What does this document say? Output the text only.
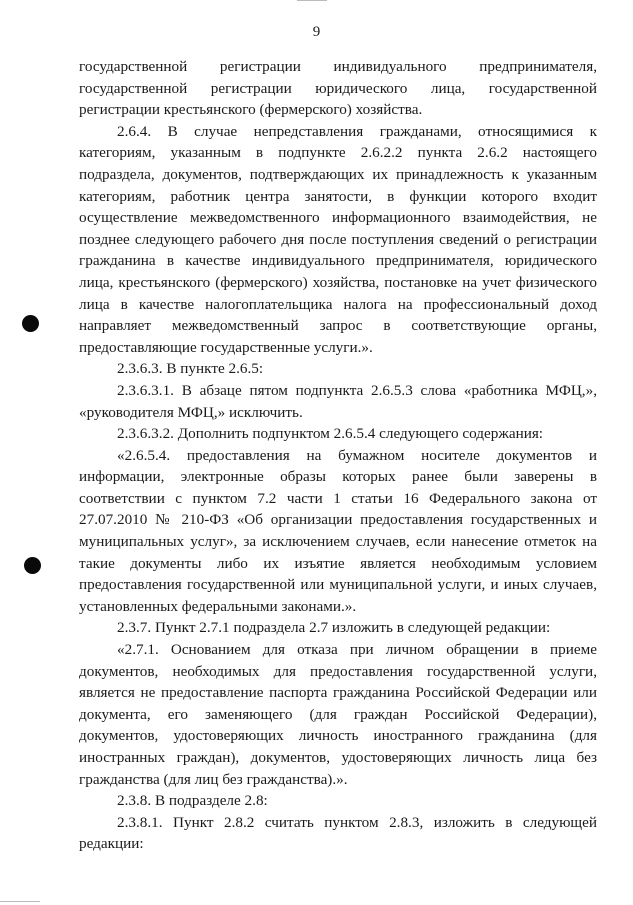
9

государственной регистрации индивидуального предпринимателя, государственной регистрации юридического лица, государственной регистрации крестьянского (фермерского) хозяйства.

2.6.4. В случае непредставления гражданами, относящимися к категориям, указанным в подпункте 2.6.2.2 пункта 2.6.2 настоящего подраздела, документов, подтверждающих их принадлежность к указанным категориям, работник центра занятости, в функции которого входит осуществление межведомственного информационного взаимодействия, не позднее следующего рабочего дня после поступления сведений о регистрации гражданина в качестве индивидуального предпринимателя, юридического лица, крестьянского (фермерского) хозяйства, постановке на учет физического лица в качестве налогоплательщика налога на профессиональный доход направляет межведомственный запрос в соответствующие органы, предоставляющие государственные услуги.».

2.3.6.3. В пункте 2.6.5:

2.3.6.3.1. В абзаце пятом подпункта 2.6.5.3 слова «работника МФЦ,», «руководителя МФЦ,» исключить.

2.3.6.3.2. Дополнить подпунктом 2.6.5.4 следующего содержания:

«2.6.5.4. предоставления на бумажном носителе документов и информации, электронные образы которых ранее были заверены в соответствии с пунктом 7.2 части 1 статьи 16 Федерального закона от 27.07.2010 № 210-ФЗ «Об организации предоставления государственных и муниципальных услуг», за исключением случаев, если нанесение отметок на такие документы либо их изъятие является необходимым условием предоставления государственной или муниципальной услуги, и иных случаев, установленных федеральными законами.».

2.3.7. Пункт 2.7.1 подраздела 2.7 изложить в следующей редакции:

«2.7.1. Основанием для отказа при личном обращении в приеме документов, необходимых для предоставления государственной услуги, является не предоставление паспорта гражданина Российской Федерации или документа, его заменяющего (для граждан Российской Федерации), документов, удостоверяющих личность иностранного гражданина (для иностранных граждан), документов, удостоверяющих личность лица без гражданства (для лиц без гражданства).».

2.3.8. В подразделе 2.8:

2.3.8.1. Пункт 2.8.2 считать пунктом 2.8.3, изложить в следующей редакции:
